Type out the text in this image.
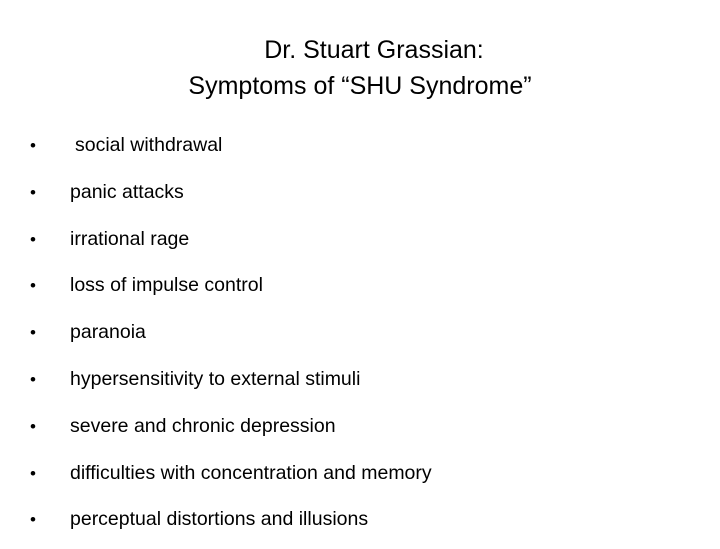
Dr. Stuart Grassian:
Symptoms of “SHU Syndrome”
• social withdrawal
• panic attacks
• irrational rage
• loss of impulse control
• paranoia
• hypersensitivity to external stimuli
• severe and chronic depression
• difficulties with concentration and memory
• perceptual distortions and illusions
